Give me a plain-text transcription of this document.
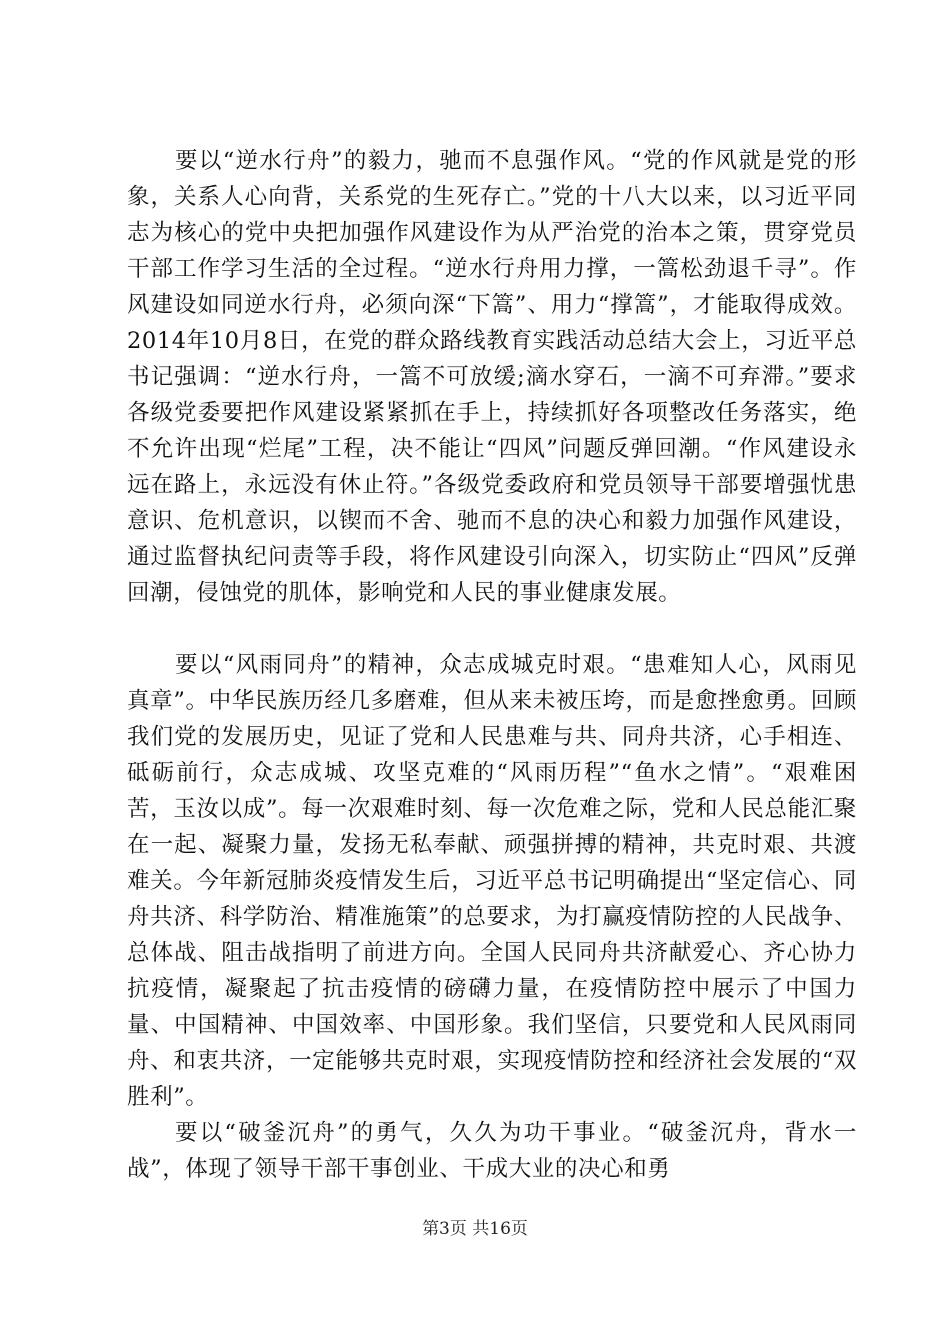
要以“逆水行舟”的毅力，驰而不息强作风。“党的作风就是党的形象，关系人心向背，关系党的生死存亡。”党的十八大以来，以习近平同志为核心的党中央把加强作风建设作为从严治党的治本之策，贯穿党员干部工作学习生活的全过程。“逆水行舟用力撑，一篙松劲退千寻”。作风建设如同逆水行舟，必须向深“下篙”、用力“撑篙”，才能取得成效。2014年10月8日，在党的群众路线教育实践活动总结大会上，习近平总书记强调：“逆水行舟，一篙不可放缓;滴水穿石，一滴不可弃滞。”要求各级党委要把作风建设紧紧抓在手上，持续抓好各项整改任务落实，绝不允许出现“烂尾”工程，决不能让“四风”问题反弹回潮。“作风建设永远在路上，永远没有休止符。”各级党委政府和党员领导干部要增强忧患意识、危机意识，以锲而不舍、驰而不息的决心和毅力加强作风建设，通过监督执纪问责等手段，将作风建设引向深入，切实防止“四风”反弹回潮，侵蚀党的肌体，影响党和人民的事业健康发展。

要以“风雨同舟”的精神，众志成城克时艰。“患难知人心，风雨见真章”。中华民族历经几多磨难，但从来未被压垮，而是愈挫愈勇。回顾我们党的发展历史，见证了党和人民患难与共、同舟共济，心手相连、砥砺前行，众志成城、攻坚克难的“风雨历程”“鱼水之情”。“艰难困苦，玉汝以成”。每一次艰难时刻、每一次危难之际，党和人民总能汇聚在一起、凝聚力量，发扬无私奉献、顽强拼搏的精神，共克时艰、共渡难关。今年新冠肺炎疫情发生后，习近平总书记明确提出“坚定信心、同舟共济、科学防治、精准施策”的总要求，为打赢疫情防控的人民战争、总体战、阻击战指明了前进方向。全国人民同舟共济献爱心、齐心协力抗疫情，凝聚起了抗击疫情的磅礴力量，在疫情防控中展示了中国力量、中国精神、中国效率、中国形象。我们坚信，只要党和人民风雨同舟、和衷共济，一定能够共克时艰，实现疫情防控和经济社会发展的“双胜利”。

要以“破釜沉舟”的勇气，久久为功干事业。“破釜沉舟，背水一战”，体现了领导干部干事创业、干成大业的决心和勇

第3页 共16页
